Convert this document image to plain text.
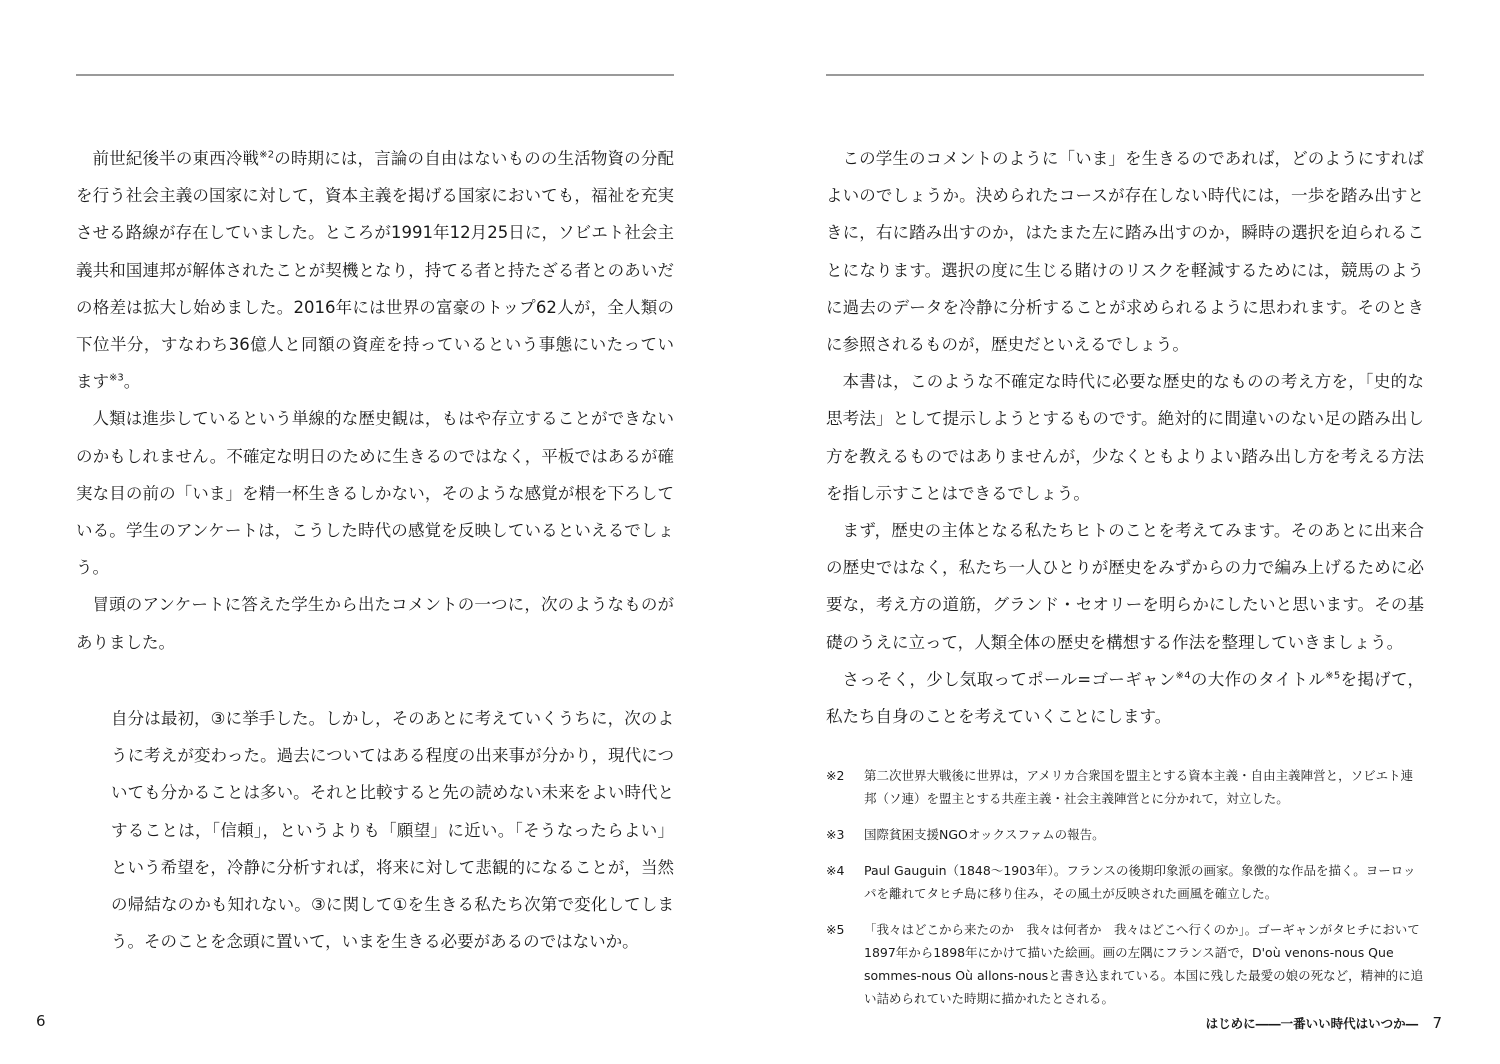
前世紀後半の東西冷戦$^{※2}$の時期には，言論の自由はないものの生活物資の分配を行う社会主義の国家に対して，資本主義を掲げる国家においても，福祉を充実させる路線が存在していました。ところが1991年12月25日に，ソビエト社会主義共和国連邦が解体されたことが契機となり，持てる者と持たざる者とのあいだの格差は拡大し始めました。2016年には世界の富豪のトップ62人が，全人類の下位半分，すなわち36億人と同額の資産を持っているという事態にいたっています$^{※3}$。

人類は進歩しているという単線的な歴史観は，もはや存立することができないのかもしれません。不確定な明日のために生きるのではなく，平板ではあるが確実な目の前の「いま」を精一杯生きるしかない，そのような感覚が根を下ろしている。学生のアンケートは，こうした時代の感覚を反映しているといえるでしょう。

冒頭のアンケートに答えた学生から出たコメントの一つに，次のようなものがありました。

自分は最初，③に挙手した。しかし，そのあとに考えていくうちに，次のように考えが変わった。過去についてはある程度の出来事が分かり，現代についても分かることは多い。それと比較すると先の読めない未来をよい時代とすることは，「信頼」，というよりも「願望」に近い。「そうなったらよい」という希望を，冷静に分析すれば，将来に対して悲観的になることが，当然の帰結なのかも知れない。③に関して①を生きる私たち次第で変化してしまう。そのことを念頭に置いて，いまを生きる必要があるのではないか。

6

この学生のコメントのように「いま」を生きるのであれば，どのようにすればよいのでしょうか。決められたコースが存在しない時代には，一歩を踏み出すときに，右に踏み出すのか，はたまた左に踏み出すのか，瞬時の選択を迫られることになります。選択の度に生じる賭けのリスクを軽減するためには，競馬のように過去のデータを冷静に分析することが求められるように思われます。そのときに参照されるものが，歴史だといえるでしょう。

本書は，このような不確定な時代に必要な歴史的なものの考え方を，「史的な思考法」として提示しようとするものです。絶対的に間違いのない足の踏み出し方を教えるものではありませんが，少なくともよりよい踏み出し方を考える方法を指し示すことはできるでしょう。

まず，歴史の主体となる私たちヒトのことを考えてみます。そのあとに出来合の歴史ではなく，私たち一人ひとりが歴史をみずからの力で編み上げるために必要な，考え方の道筋，グランド・セオリーを明らかにしたいと思います。その基礎のうえに立って，人類全体の歴史を構想する作法を整理していきましょう。

さっそく，少し気取ってポール=ゴーギャン$^{※4}$の大作のタイトル$^{※5}$を掲げて，私たち自身のことを考えていくことにします。

※2	第二次世界大戦後に世界は，アメリカ合衆国を盟主とする資本主義・自由主義陣営と，ソビエト連邦（ソ連）を盟主とする共産主義・社会主義陣営とに分かれて，対立した。
※3	国際貧困支援NGOオックスファムの報告。
※4	Paul Gauguin（1848〜1903年）。フランスの後期印象派の画家。象徴的な作品を描く。ヨーロッパを離れてタヒチ島に移り住み，その風土が反映された画風を確立した。
※5	「我々はどこから来たのか　我々は何者か　我々はどこへ行くのか」。ゴーギャンがタヒチにおいて1897年から1898年にかけて描いた絵画。画の左隅にフランス語で，D'où venons-nous Que sommes-nous Où allons-nousと書き込まれている。本国に残した最愛の娘の死など，精神的に追い詰められていた時期に描かれたとされる。
はじめに――一番いい時代はいつか― 7
